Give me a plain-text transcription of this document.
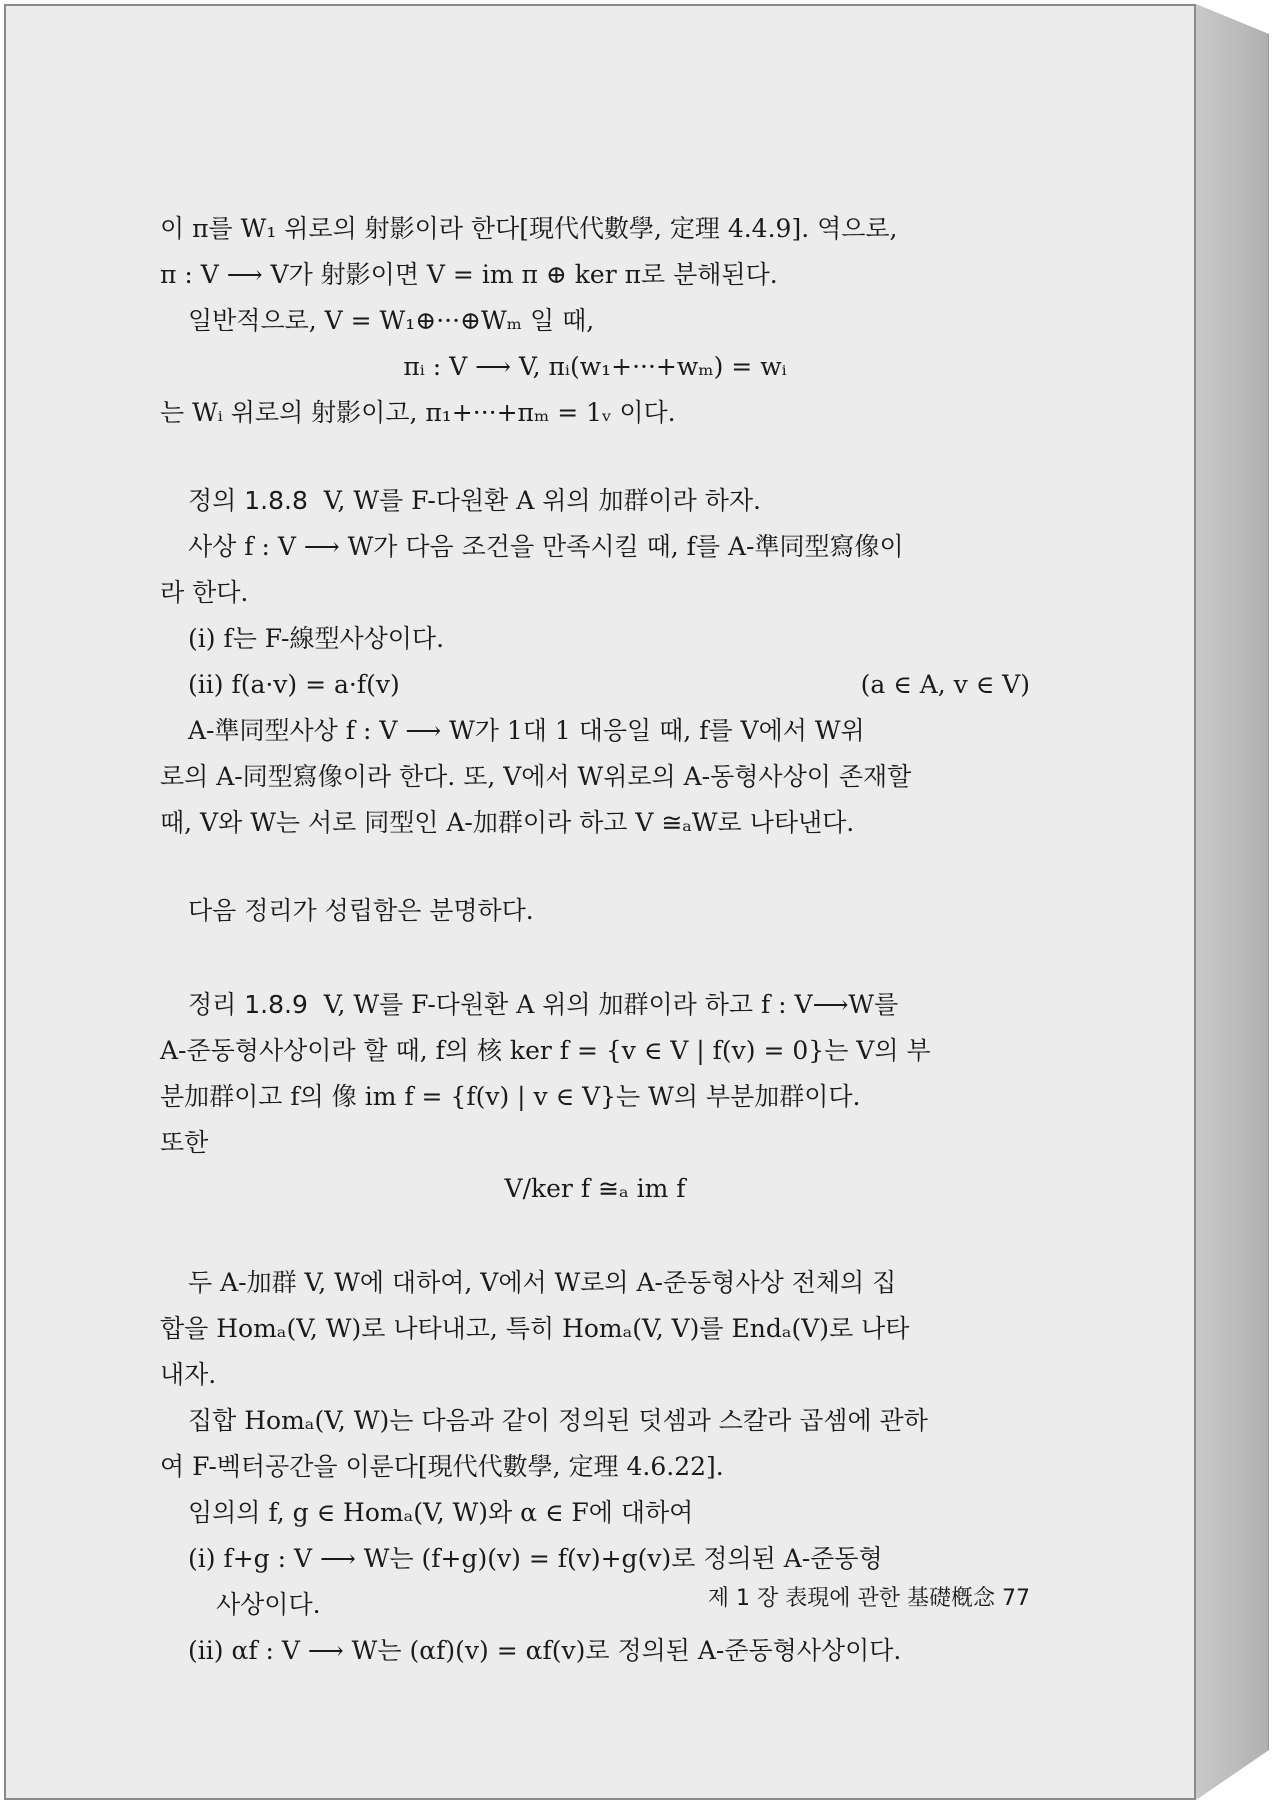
이 π를 W₁ 위로의 射影이라 한다[現代代數學, 定理 4.4.9]. 역으로,
π : V ⟶ V가 射影이면 V = im π ⊕ ker π로 분해된다.
일반적으로, V = W₁⊕···⊕Wₘ 일 때,
πᵢ : V ⟶ V, πᵢ(w₁+···+wₘ) = wᵢ
는 Wᵢ 위로의 射影이고, π₁+···+πₘ = 1ᵥ 이다.
정의 1.8.8 V, W를 F-다원환 A 위의 加群이라 하자.
사상 f : V ⟶ W가 다음 조건을 만족시킬 때, f를 A-準同型寫像이
라 한다.
(i) f는 F-線型사상이다.
(ii) f(a·v) = a·f(v)	(a ∈ A, v ∈ V)
A-準同型사상 f : V ⟶ W가 1대 1 대응일 때, f를 V에서 W위
로의 A-同型寫像이라 한다. 또, V에서 W위로의 A-동형사상이 존재할
때, V와 W는 서로 同型인 A-加群이라 하고 V ≅ₐW로 나타낸다.
다음 정리가 성립함은 분명하다.
정리 1.8.9 V, W를 F-다원환 A 위의 加群이라 하고 f : V⟶W를
A-준동형사상이라 할 때, f의 核 ker f = {v ∈ V | f(v) = 0}는 V의 부
분加群이고 f의 像 im f = {f(v) | v ∈ V}는 W의 부분加群이다.
또한
V/ker f ≅ₐ im f
두 A-加群 V, W에 대하여, V에서 W로의 A-준동형사상 전체의 집
합을 Homₐ(V, W)로 나타내고, 특히 Homₐ(V, V)를 Endₐ(V)로 나타
내자.
집합 Homₐ(V, W)는 다음과 같이 정의된 덧셈과 스칼라 곱셈에 관하
여 F-벡터공간을 이룬다[現代代數學, 定理 4.6.22].
임의의 f, g ∈ Homₐ(V, W)와 α ∈ F에 대하여
(i) f+g : V ⟶ W는 (f+g)(v) = f(v)+g(v)로 정의된 A-준동형
사상이다.
(ii) αf : V ⟶ W는 (αf)(v) = αf(v)로 정의된 A-준동형사상이다.
제 1 장 表現에 관한 基礎槪念 77
